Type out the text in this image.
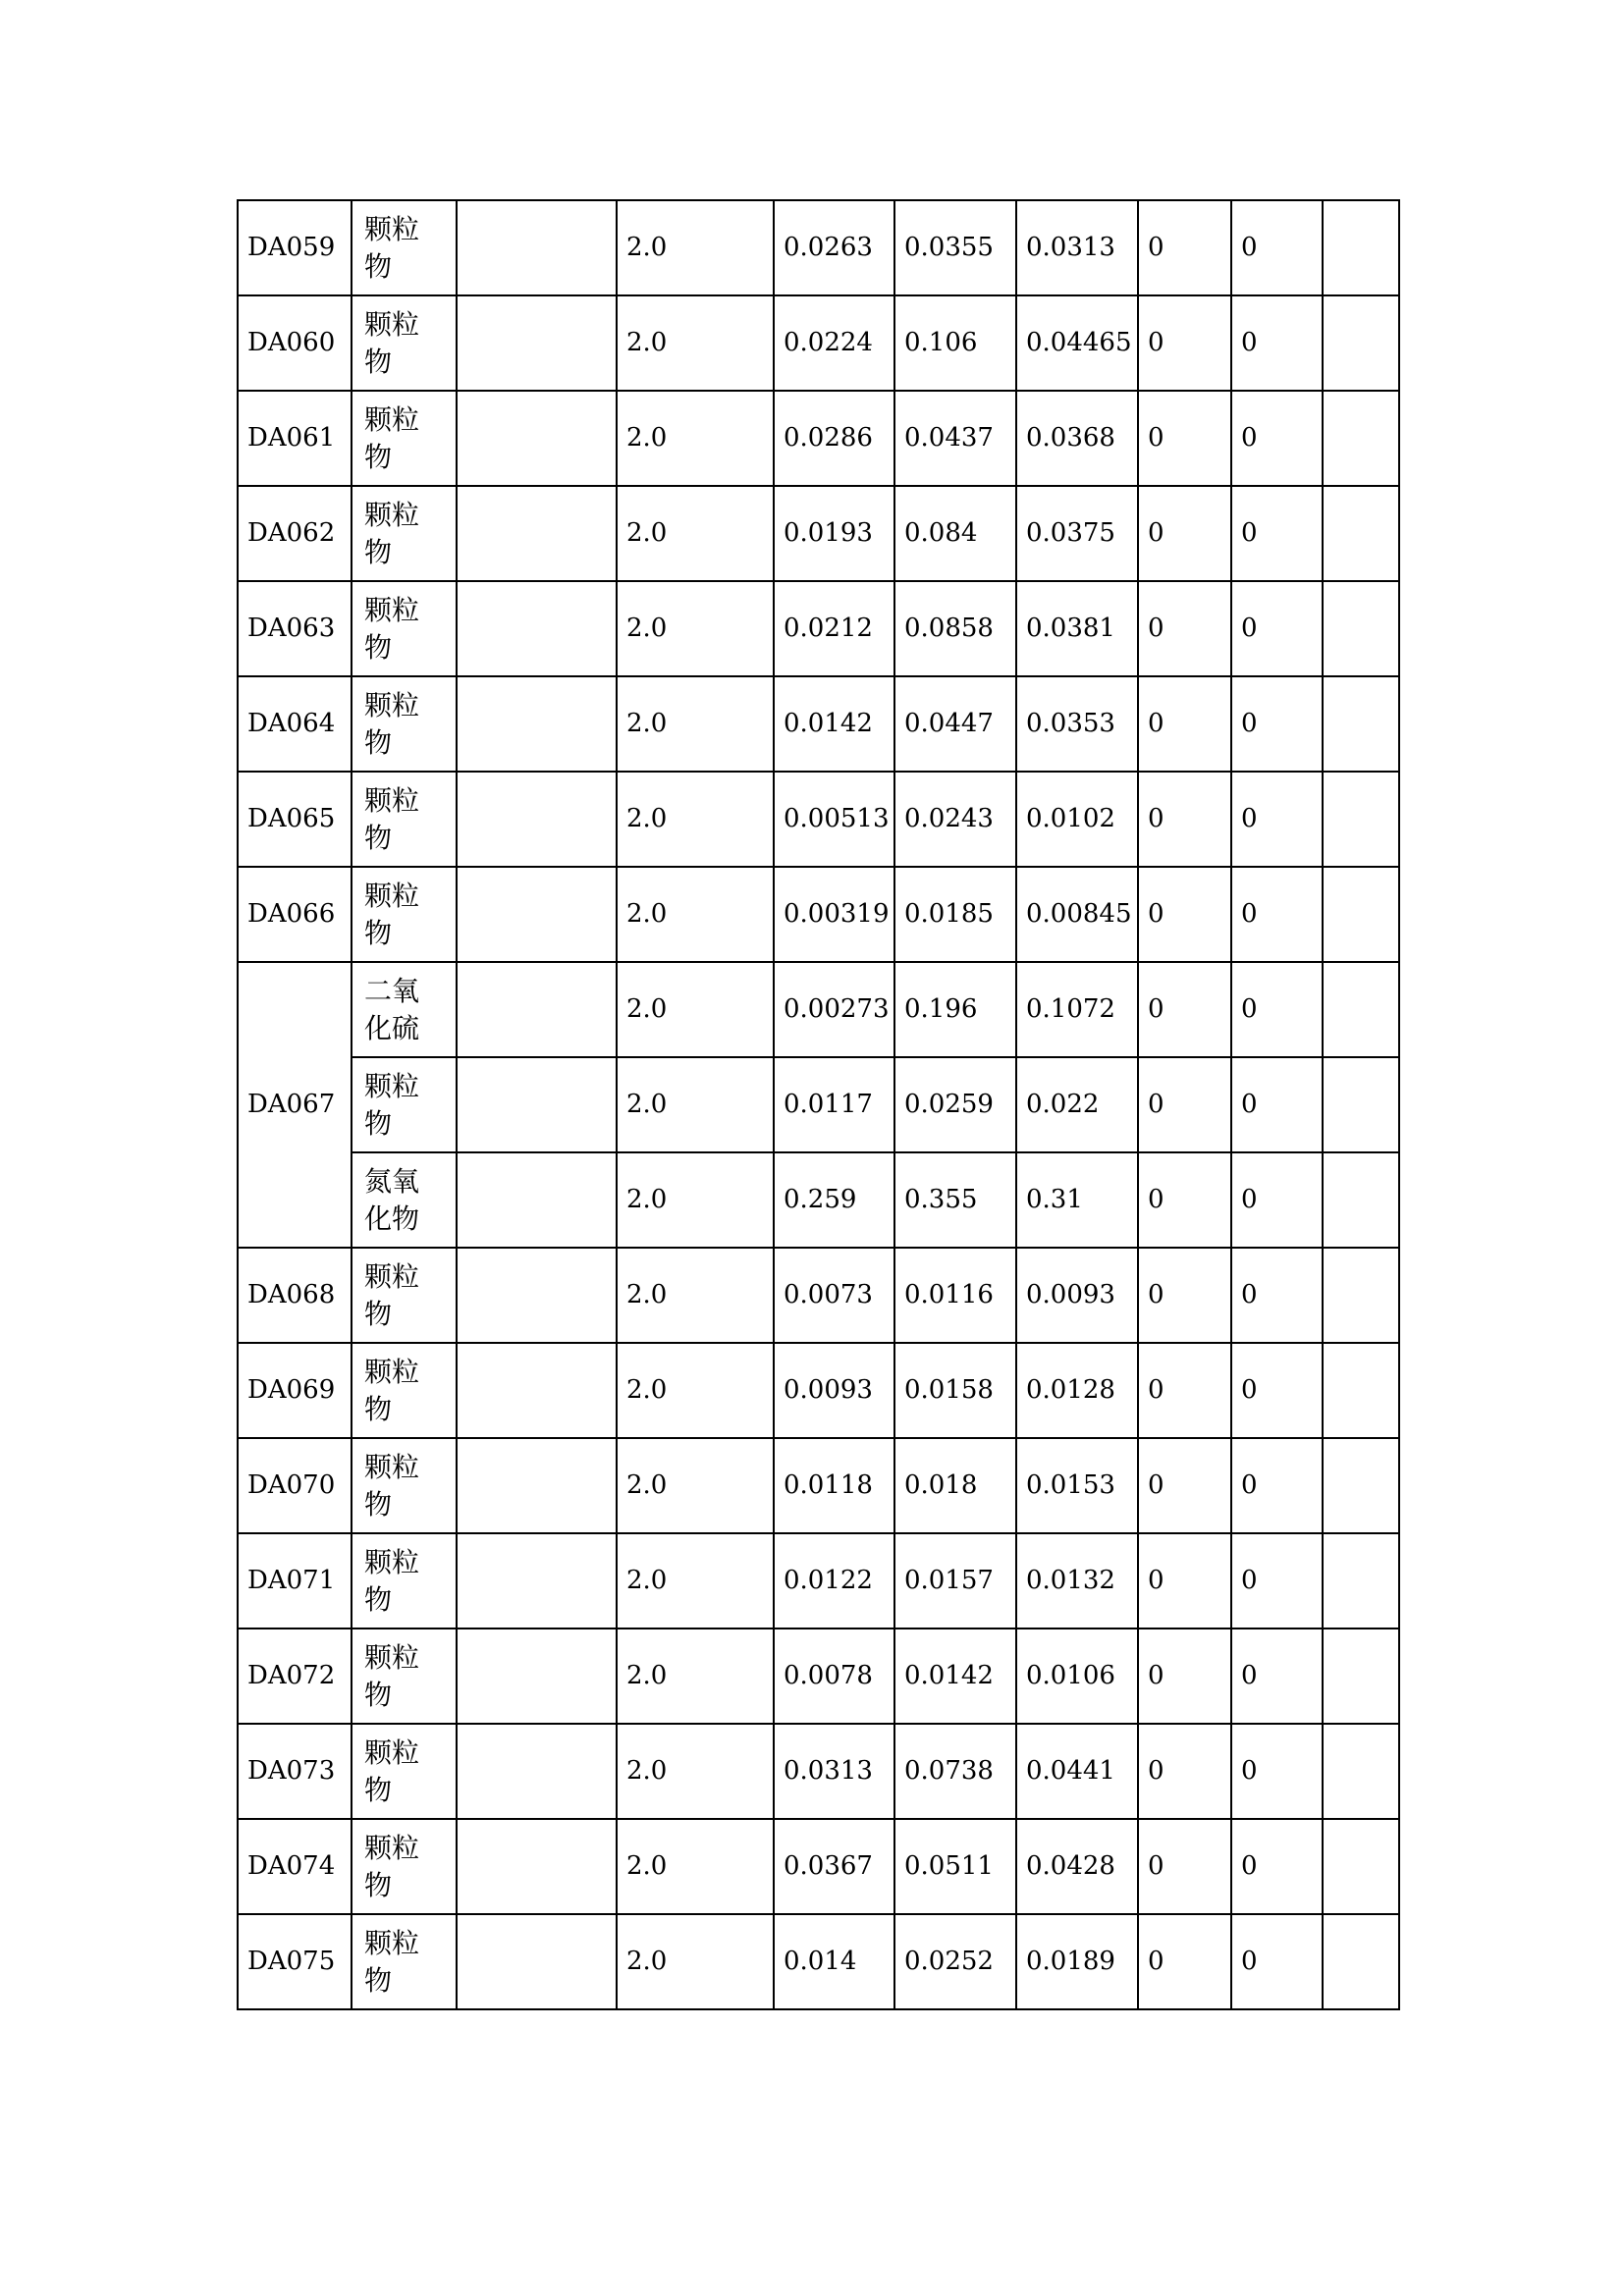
DA059	颗粒物		2.0	0.0263	0.0355	0.0313	0	0	
DA060	颗粒物		2.0	0.0224	0.106	0.04465	0	0	
DA061	颗粒物		2.0	0.0286	0.0437	0.0368	0	0	
DA062	颗粒物		2.0	0.0193	0.084	0.0375	0	0	
DA063	颗粒物		2.0	0.0212	0.0858	0.0381	0	0	
DA064	颗粒物		2.0	0.0142	0.0447	0.0353	0	0	
DA065	颗粒物		2.0	0.00513	0.0243	0.0102	0	0	
DA066	颗粒物		2.0	0.00319	0.0185	0.00845	0	0	
DA067	二氧化硫		2.0	0.00273	0.196	0.1072	0	0	

	颗粒物		2.0	0.0117	0.0259	0.022	0	0	

	氮氧化物		2.0	0.259	0.355	0.31	0	0	
DA068	颗粒物		2.0	0.0073	0.0116	0.0093	0	0	
DA069	颗粒物		2.0	0.0093	0.0158	0.0128	0	0	
DA070	颗粒物		2.0	0.0118	0.018	0.0153	0	0	
DA071	颗粒物		2.0	0.0122	0.0157	0.0132	0	0	
DA072	颗粒物		2.0	0.0078	0.0142	0.0106	0	0	
DA073	颗粒物		2.0	0.0313	0.0738	0.0441	0	0	
DA074	颗粒物		2.0	0.0367	0.0511	0.0428	0	0	
DA075	颗粒物		2.0	0.014	0.0252	0.0189	0	0	
